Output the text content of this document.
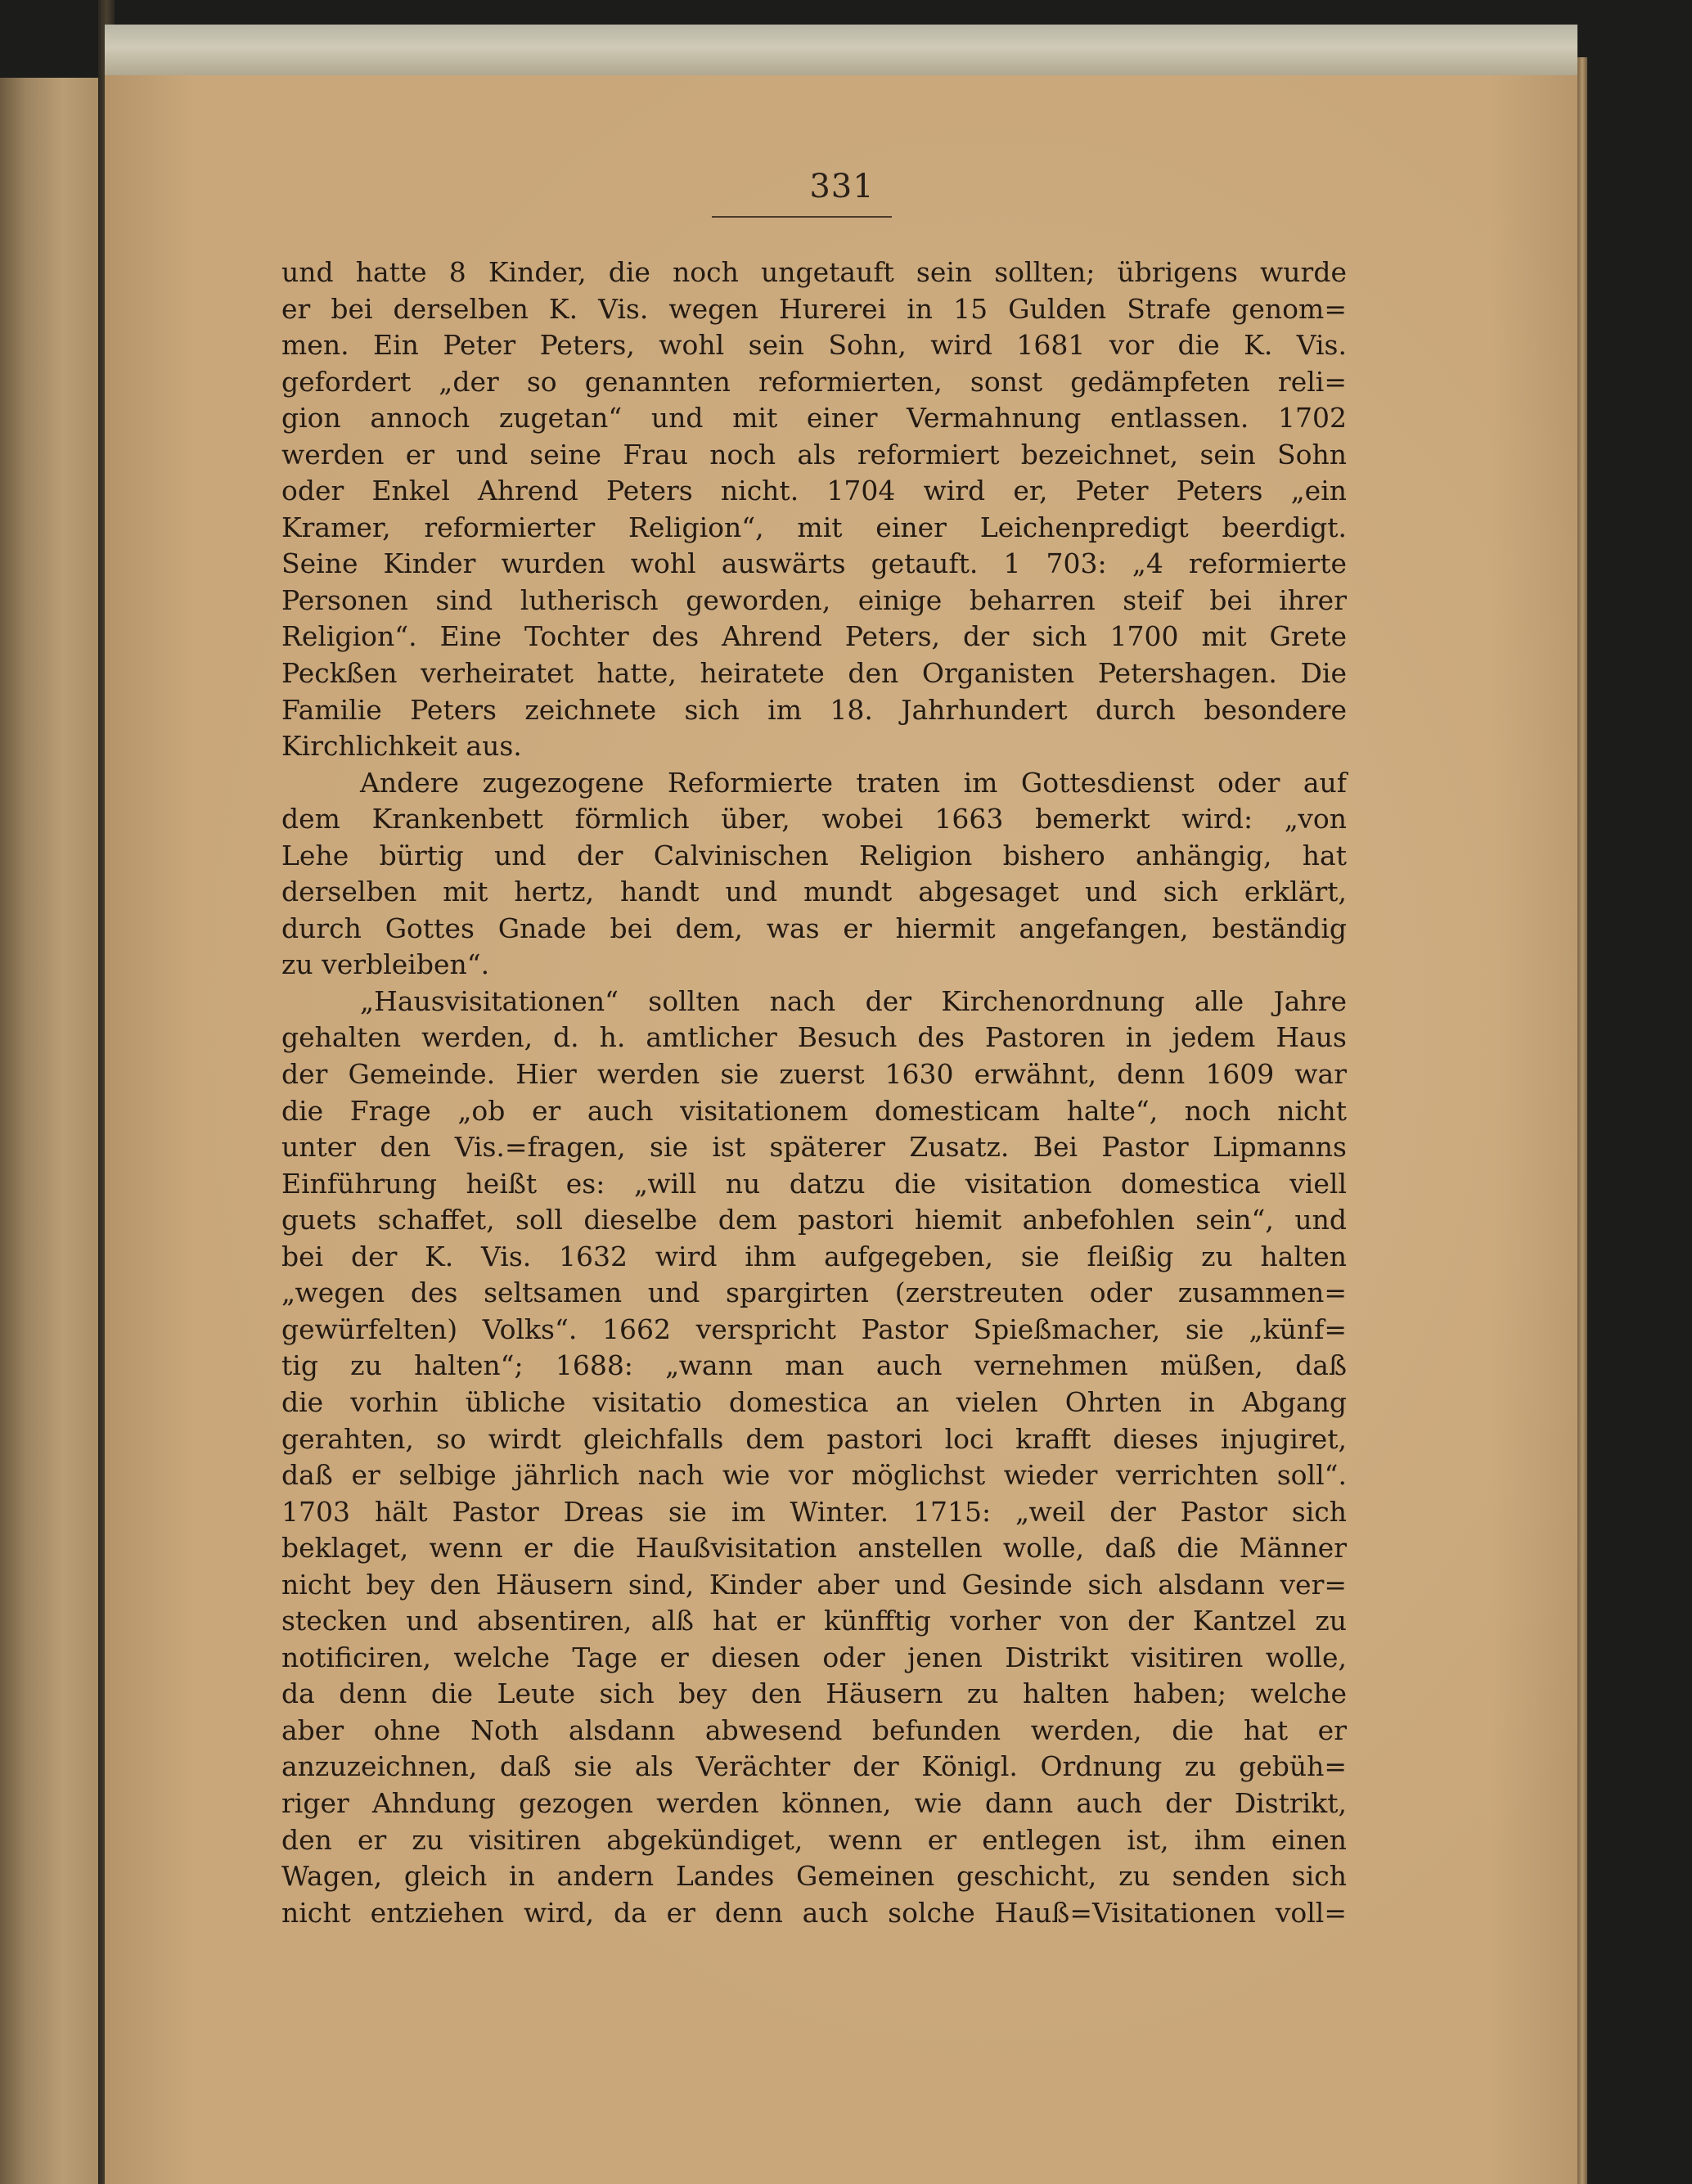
331
und hatte 8 Kinder, die noch ungetauft sein sollten; übrigens wurde
er bei derselben K. Vis. wegen Hurerei in 15 Gulden Strafe genom=
men. Ein Peter Peters, wohl sein Sohn, wird 1681 vor die K. Vis.
gefordert „der so genannten reformierten, sonst gedämpfeten reli=
gion annoch zugetan“ und mit einer Vermahnung entlassen. 1702
werden er und seine Frau noch als reformiert bezeichnet, sein Sohn
oder Enkel Ahrend Peters nicht. 1704 wird er, Peter Peters „ein
Kramer, reformierter Religion“, mit einer Leichenpredigt beerdigt.
Seine Kinder wurden wohl auswärts getauft. 1 703: „4 reformierte
Personen sind lutherisch geworden, einige beharren steif bei ihrer
Religion“. Eine Tochter des Ahrend Peters, der sich 1700 mit Grete
Peckßen verheiratet hatte, heiratete den Organisten Petershagen. Die
Familie Peters zeichnete sich im 18. Jahrhundert durch besondere
Kirchlichkeit aus.
Andere zugezogene Reformierte traten im Gottesdienst oder auf
dem Krankenbett förmlich über, wobei 1663 bemerkt wird: „von
Lehe bürtig und der Calvinischen Religion bishero anhängig, hat
derselben mit hertz, handt und mundt abgesaget und sich erklärt,
durch Gottes Gnade bei dem, was er hiermit angefangen, beständig
zu verbleiben“.
„Hausvisitationen“ sollten nach der Kirchenordnung alle Jahre
gehalten werden, d. h. amtlicher Besuch des Pastoren in jedem Haus
der Gemeinde. Hier werden sie zuerst 1630 erwähnt, denn 1609 war
die Frage „ob er auch visitationem domesticam halte“, noch nicht
unter den Vis.=fragen, sie ist späterer Zusatz. Bei Pastor Lipmanns
Einführung heißt es: „will nu datzu die visitation domestica viell
guets schaffet, soll dieselbe dem pastori hiemit anbefohlen sein“, und
bei der K. Vis. 1632 wird ihm aufgegeben, sie fleißig zu halten
„wegen des seltsamen und spargirten (zerstreuten oder zusammen=
gewürfelten) Volks“. 1662 verspricht Pastor Spießmacher, sie „künf=
tig zu halten“; 1688: „wann man auch vernehmen müßen, daß
die vorhin übliche visitatio domestica an vielen Ohrten in Abgang
gerahten, so wirdt gleichfalls dem pastori loci krafft dieses injugiret,
daß er selbige jährlich nach wie vor möglichst wieder verrichten soll“.
1703 hält Pastor Dreas sie im Winter. 1715: „weil der Pastor sich
beklaget, wenn er die Haußvisitation anstellen wolle, daß die Männer
nicht bey den Häusern sind, Kinder aber und Gesinde sich alsdann ver=
stecken und absentiren, alß hat er künfftig vorher von der Kantzel zu
notificiren, welche Tage er diesen oder jenen Distrikt visitiren wolle,
da denn die Leute sich bey den Häusern zu halten haben; welche
aber ohne Noth alsdann abwesend befunden werden, die hat er
anzuzeichnen, daß sie als Verächter der Königl. Ordnung zu gebüh=
riger Ahndung gezogen werden können, wie dann auch der Distrikt,
den er zu visitiren abgekündiget, wenn er entlegen ist, ihm einen
Wagen, gleich in andern Landes Gemeinen geschicht, zu senden sich
nicht entziehen wird, da er denn auch solche Hauß=Visitationen voll=
